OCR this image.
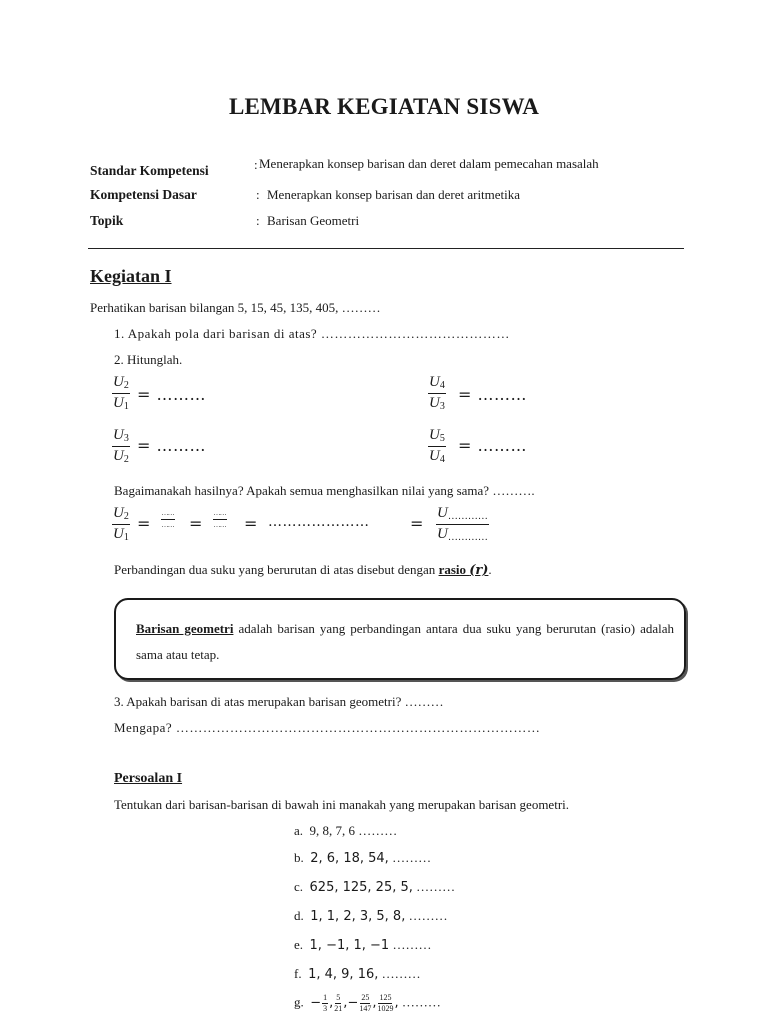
LEMBAR KEGIATAN SISWA
Standar Kompetensi	: Menerapkan konsep barisan dan deret dalam pemecahan masalah
Kompetensi Dasar	: Menerapkan konsep barisan dan deret aritmetika
Topik	: Barisan Geometri
Kegiatan I
Perhatikan barisan bilangan 5, 15, 45, 135, 405, ………
1. Apakah pola dari barisan di atas? ……………………………………
2. Hitunglah.
$\frac{U_2}{U_1}$ = ………	$\frac{U_4}{U_3}$ = ………
$\frac{U_3}{U_2}$ = ………	$\frac{U_5}{U_4}$ = ………
Bagaimanakah hasilnya? Apakah semua menghasilkan nilai yang sama? ……….
$\frac{U_2}{U_1}$ =
……
…… =
……
…… = …………………	= $\frac{U_{\dots\dots\dots\dots}}{U_{\dots\dots\dots\dots}}$
Perbandingan dua suku yang berurutan di atas disebut dengan rasio (r).
Barisan geometri adalah barisan yang perbandingan antara dua suku yang berurutan (rasio) adalah sama atau tetap.
3. Apakah barisan di atas merupakan barisan geometri? ………
Mengapa? ………………………………………………………………………
Persoalan I
Tentukan dari barisan-barisan di bawah ini manakah yang merupakan barisan geometri.
a. 9, 8, 7, 6 ………
b. 2, 6, 18, 54, ………
c. 625, 125, 25, 5, ………
d. 1, 1, 2, 3, 5, 8, ………
e. 1, −1, 1, −1 ………
f. 1, 4, 9, 16, ………
g. − $\frac{1}{3}$ , $\frac{5}{21}$ ,− $\frac{25}{147}$ , $\frac{125}{1029}$ , ………
